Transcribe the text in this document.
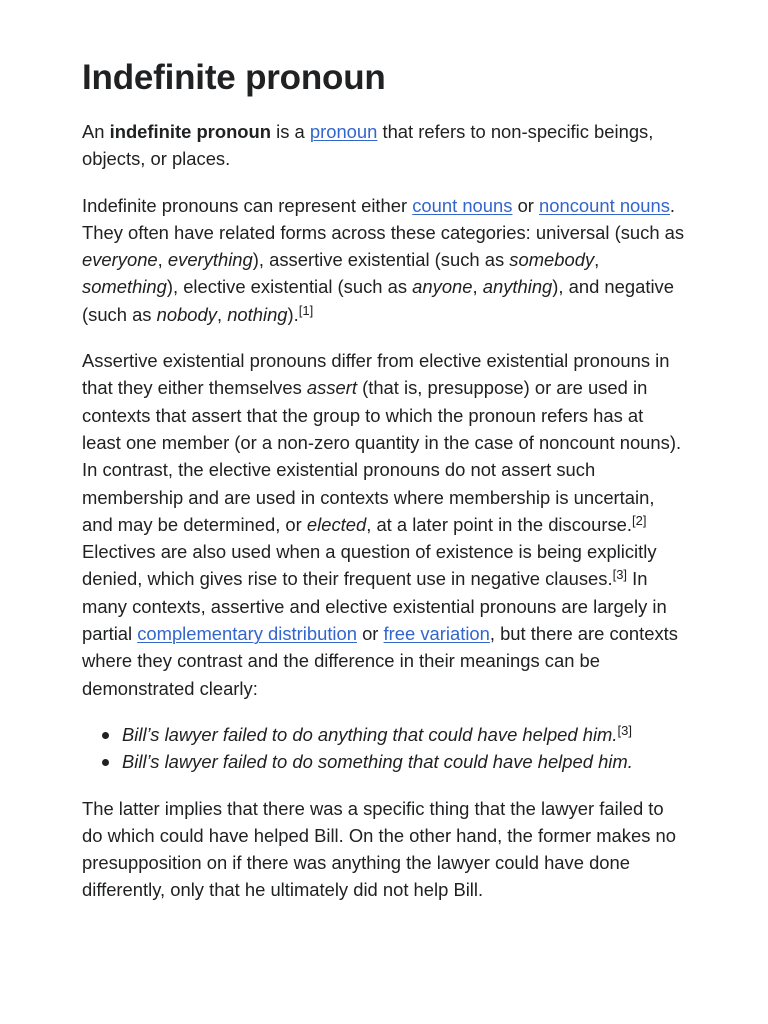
Indefinite pronoun

An indefinite pronoun is a pronoun that refers to non-specific beings, objects, or places.

Indefinite pronouns can represent either count nouns or noncount nouns. They often have related forms across these categories: universal (such as everyone, everything), assertive existential (such as somebody, something), elective existential (such as anyone, anything), and negative (such as nobody, nothing).[1]

Assertive existential pronouns differ from elective existential pronouns in that they either themselves assert (that is, presuppose) or are used in contexts that assert that the group to which the pronoun refers has at least one member (or a non-zero quantity in the case of noncount nouns). In contrast, the elective existential pronouns do not assert such membership and are used in contexts where membership is uncertain, and may be determined, or elected, at a later point in the discourse.[2] Electives are also used when a question of existence is being explicitly denied, which gives rise to their frequent use in negative clauses.[3] In many contexts, assertive and elective existential pronouns are largely in partial complementary distribution or free variation, but there are contexts where they contrast and the difference in their meanings can be demonstrated clearly:

Bill’s lawyer failed to do anything that could have helped him.[3]
Bill’s lawyer failed to do something that could have helped him.

The latter implies that there was a specific thing that the lawyer failed to do which could have helped Bill. On the other hand, the former makes no presupposition on if there was anything the lawyer could have done differently, only that he ultimately did not help Bill.
